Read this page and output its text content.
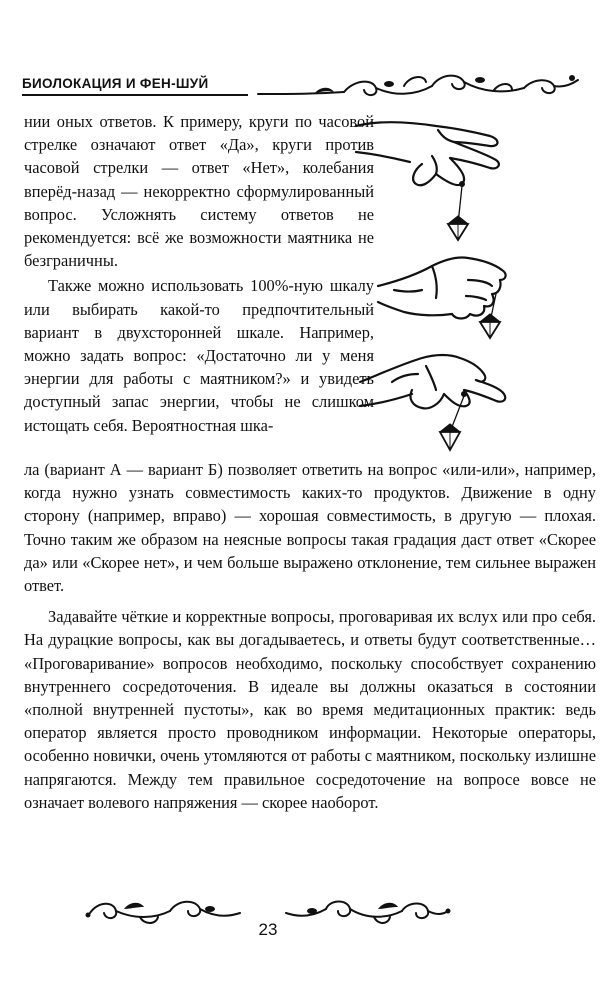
БИОЛОКАЦИЯ И ФЕН-ШУЙ

нии оных ответов. К примеру, круги по часовой стрелке означают ответ «Да», круги против часовой стрелки — ответ «Нет», колебания вперёд-назад — некорректно сформулированный вопрос. Усложнять систему ответов не рекомендуется: всё же возможности маятника не безграничны.

Также можно использовать 100%-ную шкалу или выбирать какой-то предпочтительный вариант в двухсторонней шкале. Например, можно задать вопрос: «Достаточно ли у меня энергии для работы с маятником?» и увидеть доступный запас энергии, чтобы не слишком истощать себя. Вероятностная шка-

ла (вариант А — вариант Б) позволяет ответить на вопрос «или-или», например, когда нужно узнать совместимость каких-то продуктов. Движение в одну сторону (например, вправо) — хорошая совместимость, в другую — плохая. Точно таким же образом на неясные вопросы такая градация даст ответ «Скорее да» или «Скорее нет», и чем больше выражено отклонение, тем сильнее выражен ответ.

Задавайте чёткие и корректные вопросы, проговаривая их вслух или про себя. На дурацкие вопросы, как вы догадываетесь, и ответы будут соответственные… «Проговаривание» вопросов необходимо, поскольку способствует сохранению внутреннего сосредоточения. В идеале вы должны оказаться в состоянии «полной внутренней пустоты», как во время медитационных практик: ведь оператор является просто проводником информации. Некоторые операторы, особенно новички, очень утомляются от работы с маятником, поскольку излишне напрягаются. Между тем правильное сосредоточение на вопросе вовсе не означает волевого напряжения — скорее наоборот.

23
